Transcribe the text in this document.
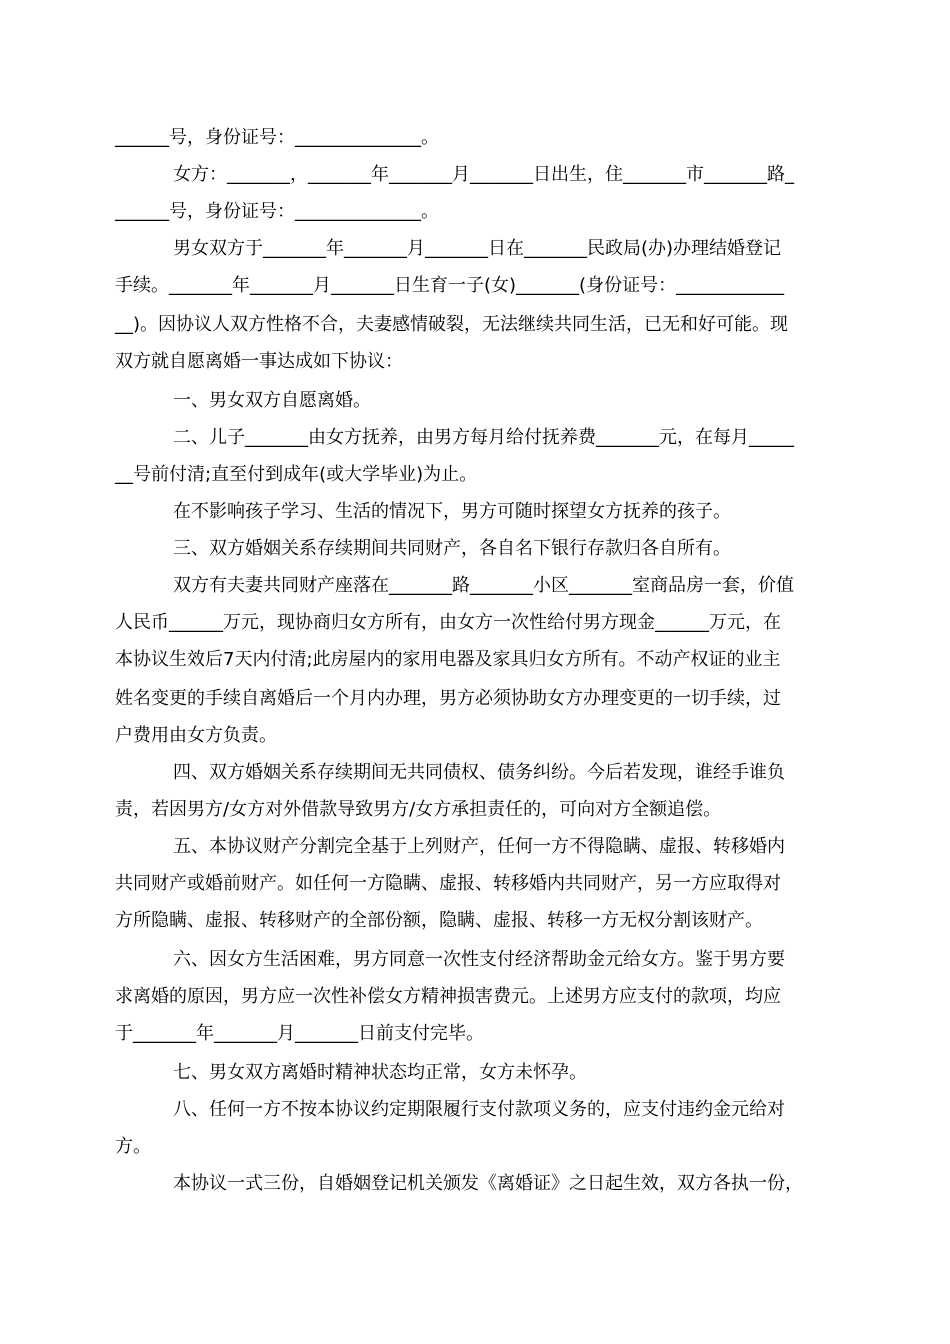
______号，身份证号：______________。
女方：_______，_______年_______月_______日出生，住_______市_______路_
______号，身份证号：______________。
男女双方于_______年_______月_______日在_______民政局(办)办理结婚登记
手续。_______年_______月_______日生育一子(女)_______(身份证号：____________
__)。因协议人双方性格不合，夫妻感情破裂，无法继续共同生活，已无和好可能。现
双方就自愿离婚一事达成如下协议：
一、男女双方自愿离婚。
二、儿子_______由女方抚养，由男方每月给付抚养费_______元，在每月_____
__号前付清;直至付到成年(或大学毕业)为止。
在不影响孩子学习、生活的情况下，男方可随时探望女方抚养的孩子。
三、双方婚姻关系存续期间共同财产，各自名下银行存款归各自所有。
双方有夫妻共同财产座落在_______路_______小区_______室商品房一套，价值
人民币______万元，现协商归女方所有，由女方一次性给付男方现金______万元，在
本协议生效后7天内付清;此房屋内的家用电器及家具归女方所有。不动产权证的业主
姓名变更的手续自离婚后一个月内办理，男方必须协助女方办理变更的一切手续，过
户费用由女方负责。
四、双方婚姻关系存续期间无共同债权、债务纠纷。今后若发现，谁经手谁负
责，若因男方/女方对外借款导致男方/女方承担责任的，可向对方全额追偿。
五、本协议财产分割完全基于上列财产，任何一方不得隐瞒、虚报、转移婚内
共同财产或婚前财产。如任何一方隐瞒、虚报、转移婚内共同财产，另一方应取得对
方所隐瞒、虚报、转移财产的全部份额，隐瞒、虚报、转移一方无权分割该财产。
六、因女方生活困难，男方同意一次性支付经济帮助金元给女方。鉴于男方要
求离婚的原因，男方应一次性补偿女方精神损害费元。上述男方应支付的款项，均应
于_______年_______月_______日前支付完毕。
七、男女双方离婚时精神状态均正常，女方未怀孕。
八、任何一方不按本协议约定期限履行支付款项义务的，应支付违约金元给对
方。
本协议一式三份，自婚姻登记机关颁发《离婚证》之日起生效，双方各执一份，
